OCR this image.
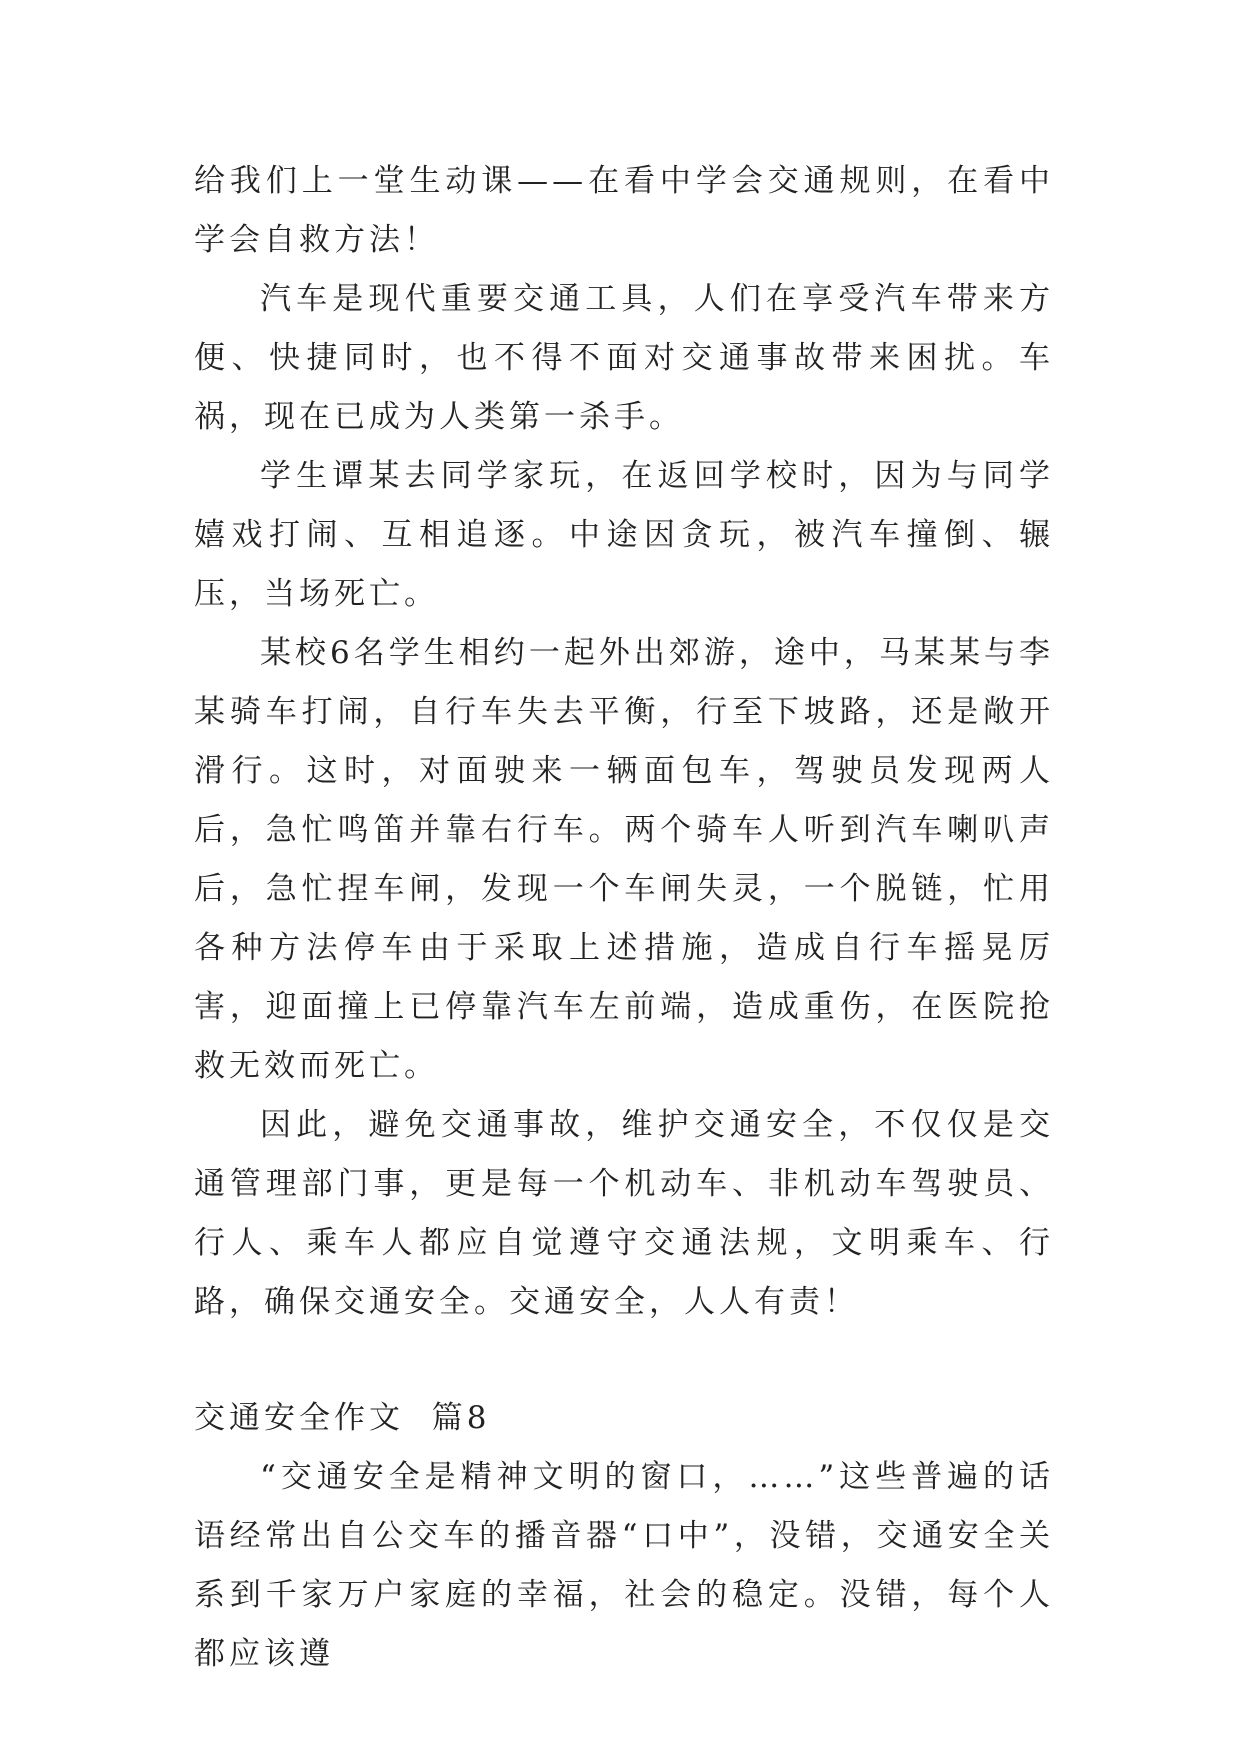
给我们上一堂生动课——在看中学会交通规则，在看中学会自救方法！

汽车是现代重要交通工具，人们在享受汽车带来方便、快捷同时，也不得不面对交通事故带来困扰。车祸，现在已成为人类第一杀手。

学生谭某去同学家玩，在返回学校时，因为与同学嬉戏打闹、互相追逐。中途因贪玩，被汽车撞倒、辗压，当场死亡。

某校6名学生相约一起外出郊游，途中，马某某与李某骑车打闹，自行车失去平衡，行至下坡路，还是敞开滑行。这时，对面驶来一辆面包车，驾驶员发现两人后，急忙鸣笛并靠右行车。两个骑车人听到汽车喇叭声后，急忙捏车闸，发现一个车闸失灵，一个脱链，忙用各种方法停车由于采取上述措施，造成自行车摇晃厉害，迎面撞上已停靠汽车左前端，造成重伤，在医院抢救无效而死亡。

因此，避免交通事故，维护交通安全，不仅仅是交通管理部门事，更是每一个机动车、非机动车驾驶员、行人、乘车人都应自觉遵守交通法规，文明乘车、行路，确保交通安全。交通安全，人人有责！

交通安全作文  篇8

“交通安全是精神文明的窗口，……”这些普遍的话语经常出自公交车的播音器“口中”，没错，交通安全关系到千家万户家庭的幸福，社会的稳定。没错，每个人都应该遵
